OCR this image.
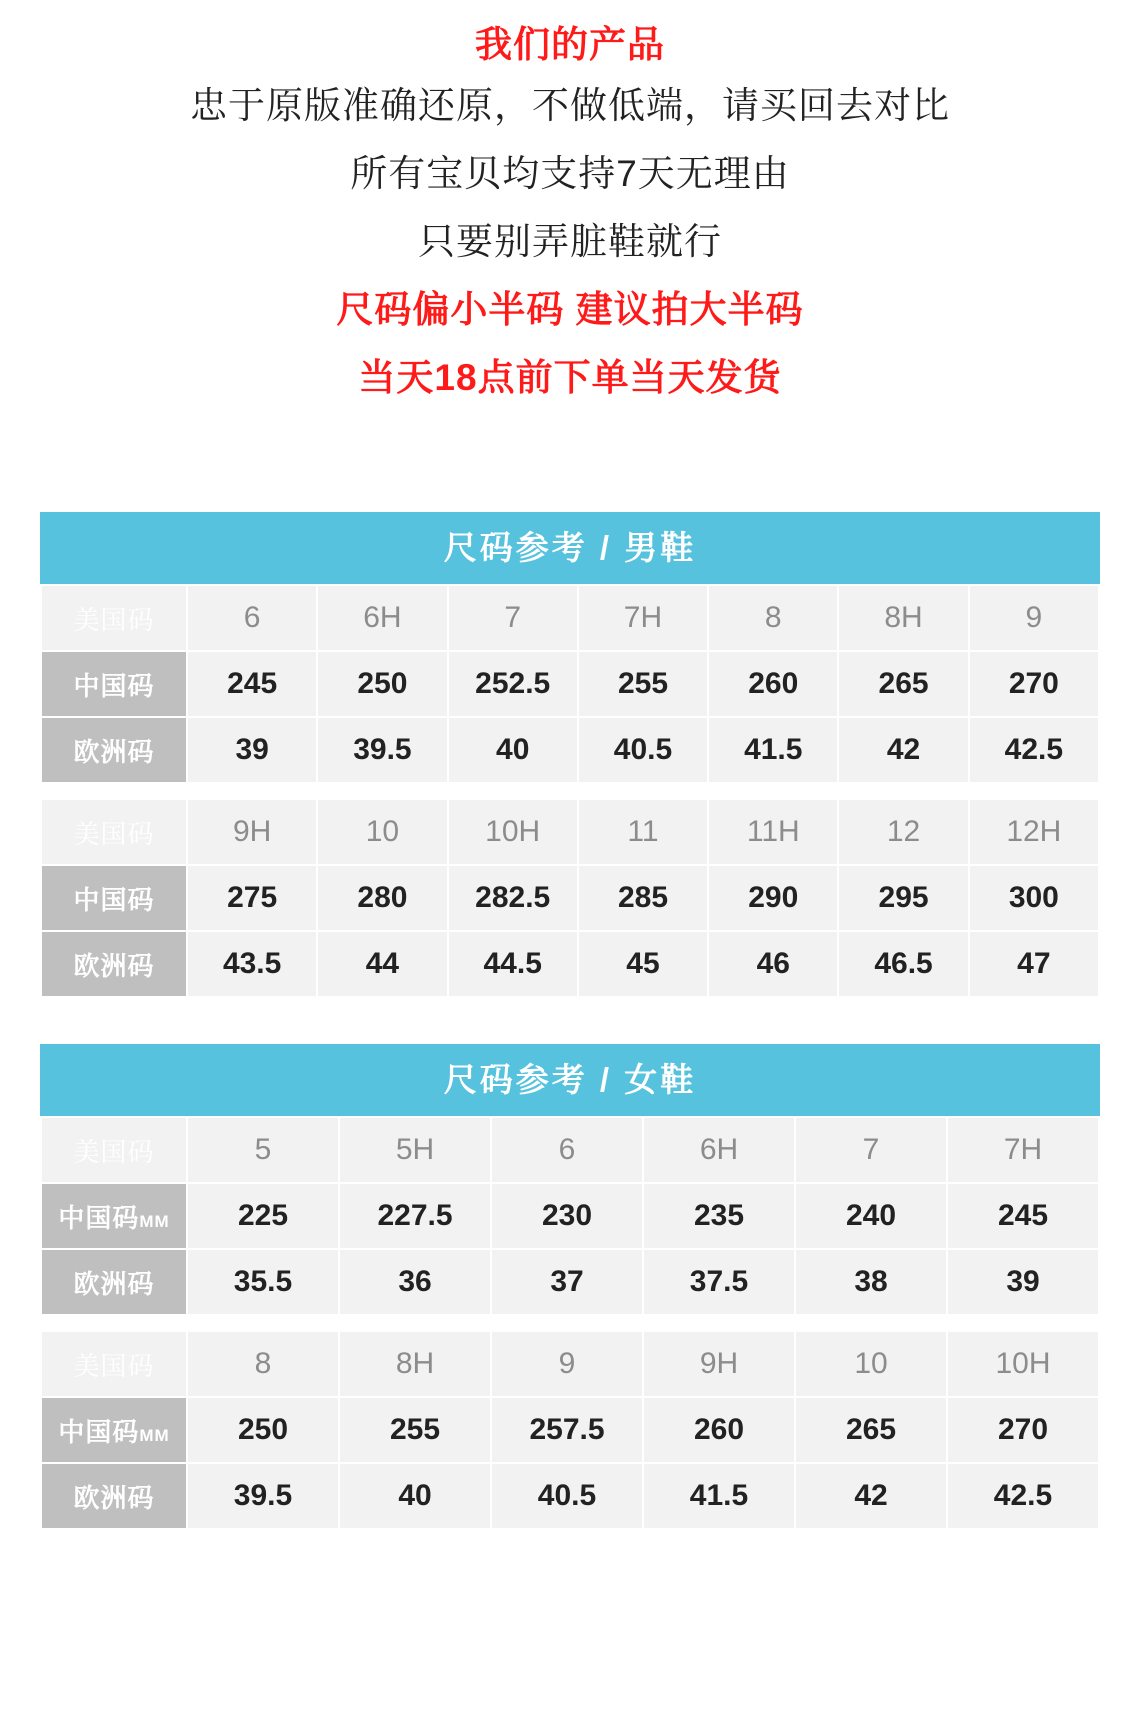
我们的产品
忠于原版准确还原，不做低端，请买回去对比
所有宝贝均支持7天无理由
只要别弄脏鞋就行
尺码偏小半码 建议拍大半码
当天18点前下单当天发货
尺码参考 / 男鞋
美国码	6	6H	7	7H	8	8H	9
中国码	245	250	252.5	255	260	265	270
欧洲码	39	39.5	40	40.5	41.5	42	42.5
美国码	9H	10	10H	11	11H	12	12H
中国码	275	280	282.5	285	290	295	300
欧洲码	43.5	44	44.5	45	46	46.5	47
尺码参考 / 女鞋
美国码	5	5H	6	6H	7	7H
中国码MM	225	227.5	230	235	240	245
欧洲码	35.5	36	37	37.5	38	39
美国码	8	8H	9	9H	10	10H
中国码MM	250	255	257.5	260	265	270
欧洲码	39.5	40	40.5	41.5	42	42.5
